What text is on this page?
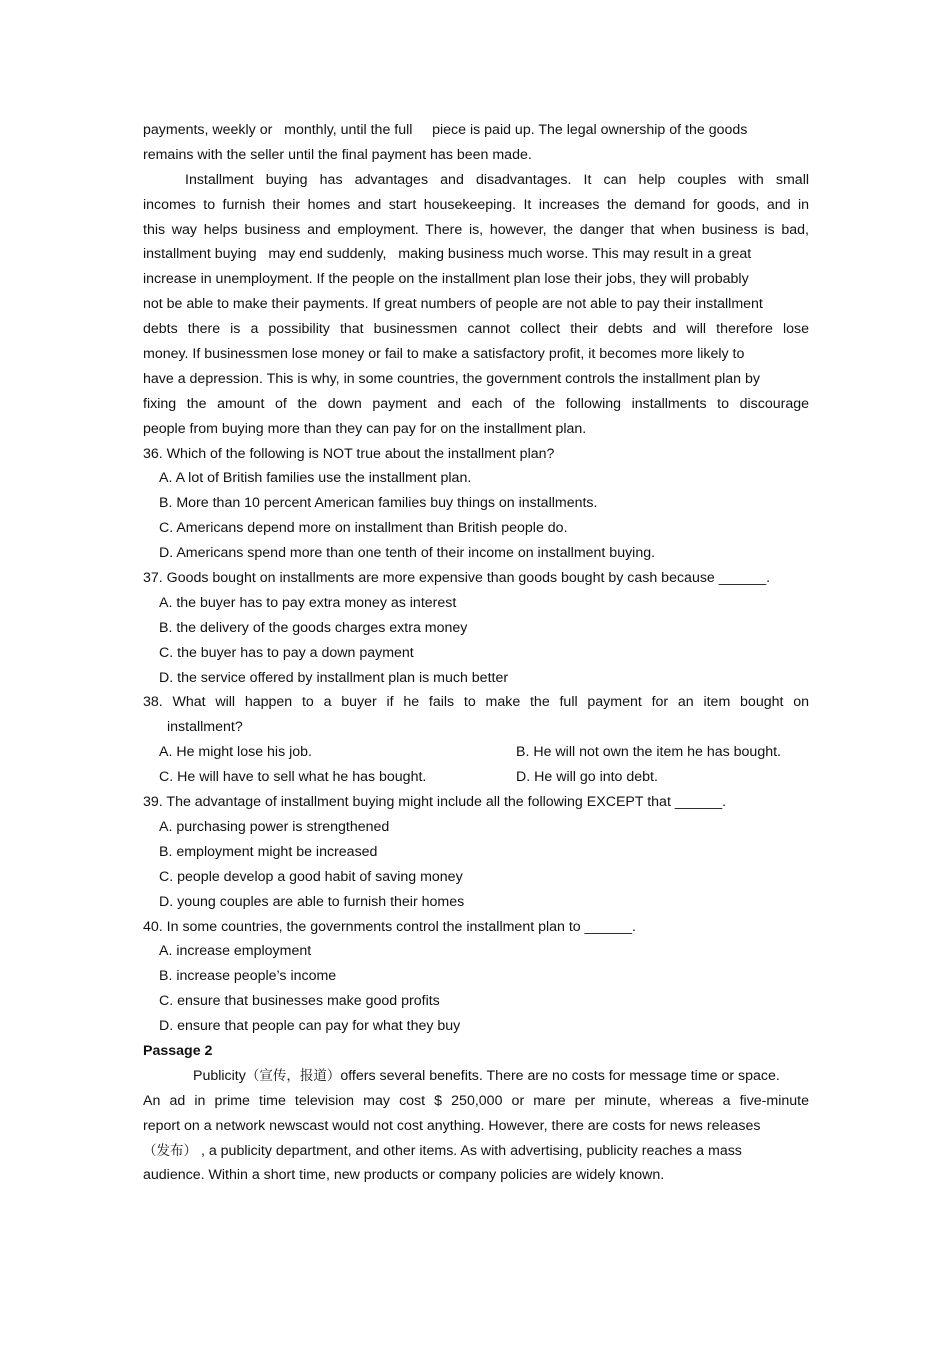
payments, weekly or   monthly, until the full     piece is paid up. The legal ownership of the goods
remains with the seller until the final payment has been made.
Installment buying has advantages and disadvantages. It can help couples with small
incomes to furnish their homes and start housekeeping. It increases the demand for goods, and in
this way helps business and employment. There is, however, the danger that when business is bad,
installment buying   may end suddenly,   making business much worse. This may result in a great
increase in unemployment. If the people on the installment plan lose their jobs, they will probably
not be able to make their payments. If great numbers of people are not able to pay their installment
debts there is a possibility that businessmen cannot collect their debts and will therefore lose
money. If businessmen lose money or fail to make a satisfactory profit, it becomes more likely to
have a depression. This is why, in some countries, the government controls the installment plan by
fixing the amount of the down payment and each of the following installments to discourage
people from buying more than they can pay for on the installment plan.
36. Which of the following is NOT true about the installment plan?
A. A lot of British families use the installment plan.
B. More than 10 percent American families buy things on installments.
C. Americans depend more on installment than British people do.
D. Americans spend more than one tenth of their income on installment buying.
37. Goods bought on installments are more expensive than goods bought by cash because ______.
A. the buyer has to pay extra money as interest
B. the delivery of the goods charges extra money
C. the buyer has to pay a down payment
D. the service offered by installment plan is much better
38. What will happen to a buyer if he fails to make the full payment for an item bought on
installment?
A. He might lose his job.	B. He will not own the item he has bought.
C. He will have to sell what he has bought.	D. He will go into debt.
39. The advantage of installment buying might include all the following EXCEPT that ______.
A. purchasing power is strengthened
B. employment might be increased
C. people develop a good habit of saving money
D. young couples are able to furnish their homes
40. In some countries, the governments control the installment plan to ______.
A. increase employment
B. increase people’s income
C. ensure that businesses make good profits
D. ensure that people can pay for what they buy
Passage 2
Publicity（宣传，报道）offers several benefits. There are no costs for message time or space.
An ad in prime time television may cost $ 250,000 or mare per minute, whereas a five-minute
report on a network newscast would not cost anything. However, there are costs for news releases
（发布） , a publicity department, and other items. As with advertising, publicity reaches a mass
audience. Within a short time, new products or company policies are widely known.
